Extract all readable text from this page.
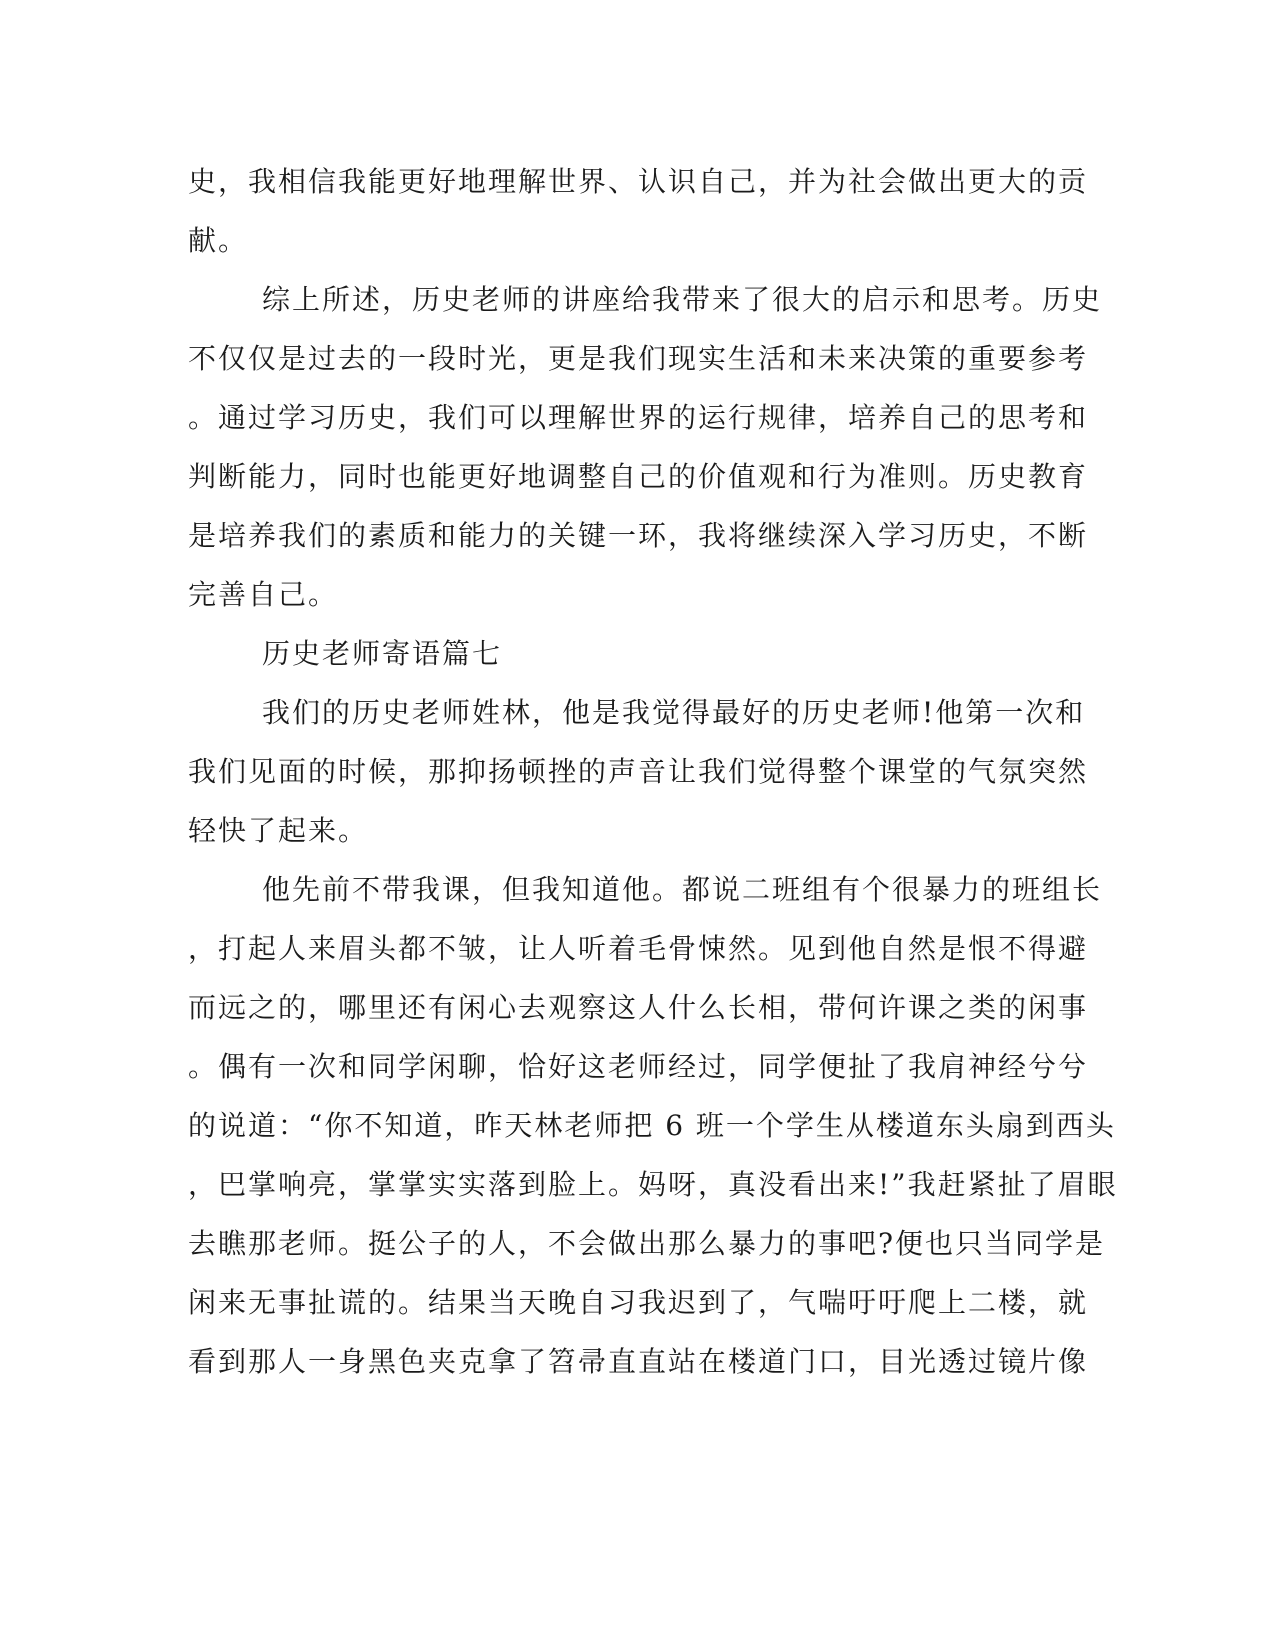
史，我相信我能更好地理解世界、认识自己，并为社会做出更大的贡
献。
综上所述，历史老师的讲座给我带来了很大的启示和思考。历史
不仅仅是过去的一段时光，更是我们现实生活和未来决策的重要参考
。通过学习历史，我们可以理解世界的运行规律，培养自己的思考和
判断能力，同时也能更好地调整自己的价值观和行为准则。历史教育
是培养我们的素质和能力的关键一环，我将继续深入学习历史，不断
完善自己。
历史老师寄语篇七
我们的历史老师姓林，他是我觉得最好的历史老师!他第一次和
我们见面的时候，那抑扬顿挫的声音让我们觉得整个课堂的气氛突然
轻快了起来。
他先前不带我课，但我知道他。都说二班组有个很暴力的班组长
，打起人来眉头都不皱，让人听着毛骨悚然。见到他自然是恨不得避
而远之的，哪里还有闲心去观察这人什么长相，带何许课之类的闲事
。偶有一次和同学闲聊，恰好这老师经过，同学便扯了我肩神经兮兮
的说道：“你不知道，昨天林老师把 6 班一个学生从楼道东头扇到西头
，巴掌响亮，掌掌实实落到脸上。妈呀，真没看出来!”我赶紧扯了眉眼
去瞧那老师。挺公子的人，不会做出那么暴力的事吧?便也只当同学是
闲来无事扯谎的。结果当天晚自习我迟到了，气喘吁吁爬上二楼，就
看到那人一身黑色夹克拿了笤帚直直站在楼道门口，目光透过镜片像
